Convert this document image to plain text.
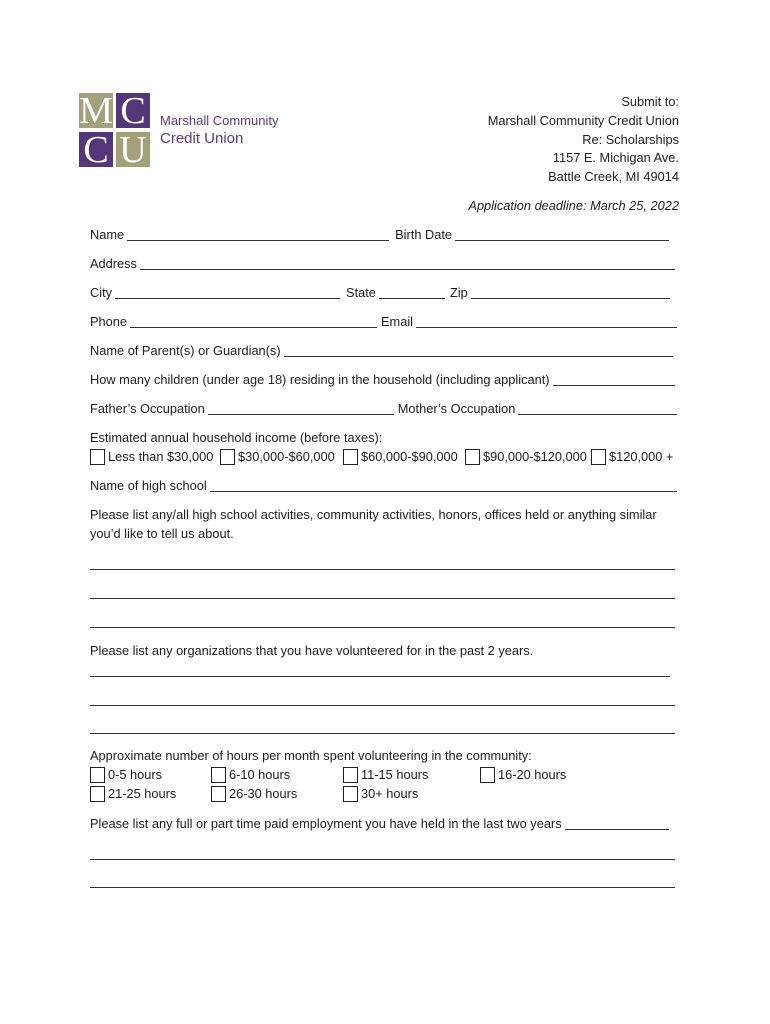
M C
C U
Marshall Community
Credit Union
Submit to:
Marshall Community Credit Union
Re: Scholarships
1157 E. Michigan Ave.
Battle Creek, MI 49014
Application deadline: March 25, 2022
Name	Birth Date
Address
City	State	Zip
Phone	Email
Name of Parent(s) or Guardian(s)
How many children (under age 18) residing in the household (including applicant)
Father’s Occupation	Mother’s Occupation
Estimated annual household income (before taxes):
Less than $30,000 $30,000-$60,000 $60,000-$90,000 $90,000-$120,000 $120,000 +
Name of high school
Please list any/all high school activities, community activities, honors, offices held or anything similar
you’d like to tell us about.
Please list any organizations that you have volunteered for in the past 2 years.
Approximate number of hours per month spent volunteering in the community:
0-5 hours	6-10 hours	11-15 hours	16-20 hours
21-25 hours	26-30 hours	30+ hours
Please list any full or part time paid employment you have held in the last two years
